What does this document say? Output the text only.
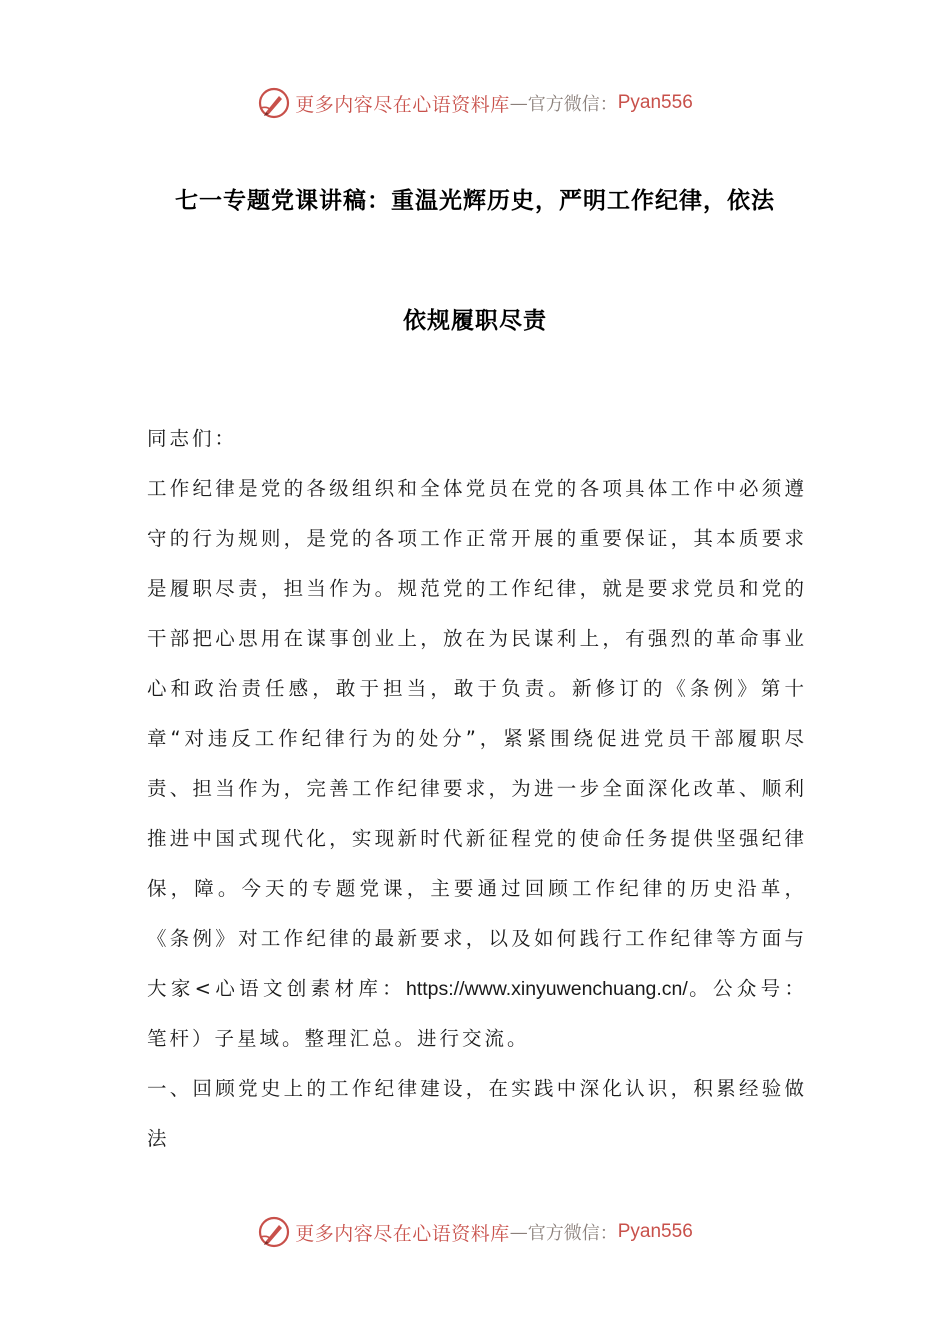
更多内容尽在心语资料库 — 官方微信： Pyan556
七一专题党课讲稿：重温光辉历史，严明工作纪律，依法
依规履职尽责

同志们：

工作纪律是党的各级组织和全体党员在党的各项具体工作中必须遵守的行为规则，是党的各项工作正常开展的重要保证，其本质要求是履职尽责，担当作为。规范党的工作纪律，就是要求党员和党的干部把心思用在谋事创业上，放在为民谋利上，有强烈的革命事业心和政治责任感，敢于担当，敢于负责。新修订的《条例》第十章“对违反工作纪律行为的处分”，紧紧围绕促进党员干部履职尽责、担当作为，完善工作纪律要求，为进一步全面深化改革、顺利推进中国式现代化，实现新时代新征程党的使命任务提供坚强纪律保，障。今天的专题党课，主要通过回顾工作纪律的历史沿革，《条例》对工作纪律的最新要求，以及如何践行工作纪律等方面与大家<心语文创素材库：https://www.xinyuwenchuang.cn/。公众号：笔杆）子星域。整理汇总。进行交流。

一、回顾党史上的工作纪律建设，在实践中深化认识，积累经验做法

更多内容尽在心语资料库 — 官方微信： Pyan556
